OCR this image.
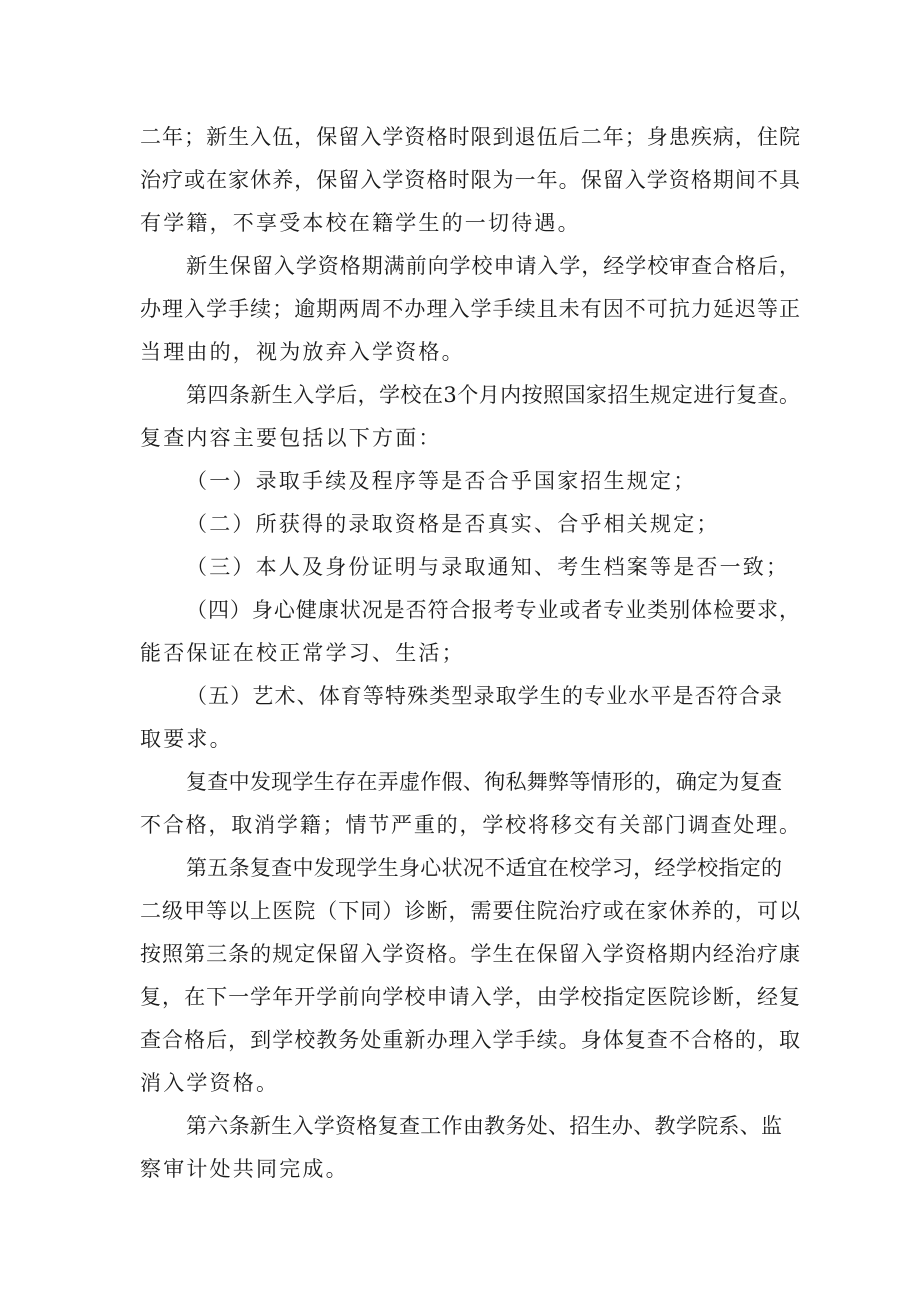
二年；新生入伍，保留入学资格时限到退伍后二年；身患疾病，住院

治疗或在家休养，保留入学资格时限为一年。保留入学资格期间不具

有学籍，不享受本校在籍学生的一切待遇。

新生保留入学资格期满前向学校申请入学，经学校审查合格后，

办理入学手续；逾期两周不办理入学手续且未有因不可抗力延迟等正

当理由的，视为放弃入学资格。

第四条新生入学后，学校在3个月内按照国家招生规定进行复查。

复查内容主要包括以下方面：

（一）录取手续及程序等是否合乎国家招生规定；

（二）所获得的录取资格是否真实、合乎相关规定；

（三）本人及身份证明与录取通知、考生档案等是否一致；

（四）身心健康状况是否符合报考专业或者专业类别体检要求，

能否保证在校正常学习、生活；

（五）艺术、体育等特殊类型录取学生的专业水平是否符合录

取要求。

复查中发现学生存在弄虚作假、徇私舞弊等情形的，确定为复查

不合格，取消学籍；情节严重的，学校将移交有关部门调查处理。

第五条复查中发现学生身心状况不适宜在校学习，经学校指定的

二级甲等以上医院（下同）诊断，需要住院治疗或在家休养的，可以

按照第三条的规定保留入学资格。学生在保留入学资格期内经治疗康

复，在下一学年开学前向学校申请入学，由学校指定医院诊断，经复

查合格后，到学校教务处重新办理入学手续。身体复查不合格的，取

消入学资格。

第六条新生入学资格复查工作由教务处、招生办、教学院系、监

察审计处共同完成。
